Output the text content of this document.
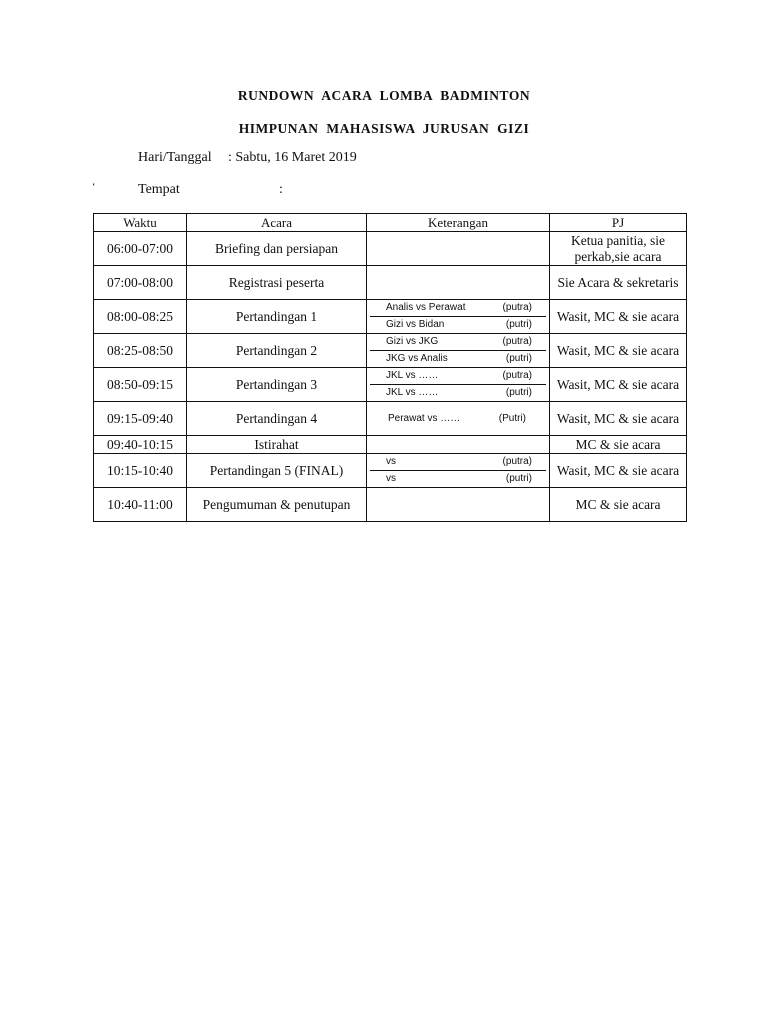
RUNDOWN ACARA LOMBA BADMINTON
HIMPUNAN MAHASISWA JURUSAN GIZI
Hari/Tanggal : Sabtu, 16 Maret 2019
‘	Tempat	:
Waktu	Acara	Keterangan	PJ
06:00-07:00	Briefing dan persiapan		Ketua panitia, sie perkab,sie acara
07:00-08:00	Registrasi peserta		Sie Acara & sekretaris
08:00-08:25	Pertandingan 1	Analis vs Perawat (putra)
Gizi vs Bidan (putri)	Wasit, MC & sie acara
08:25-08:50	Pertandingan 2	Gizi vs JKG (putra)
JKG vs Analis (putri)	Wasit, MC & sie acara
08:50-09:15	Pertandingan 3	JKL vs …… (putra)
JKL vs …… (putri)	Wasit, MC & sie acara
09:15-09:40	Pertandingan 4	Perawat vs …… (Putri)	Wasit, MC & sie acara
09:40-10:15	Istirahat		MC & sie acara
10:15-10:40	Pertandingan 5 (FINAL)	vs (putra)
vs (putri)	Wasit, MC & sie acara
10:40-11:00	Pengumuman & penutupan		MC & sie acara
